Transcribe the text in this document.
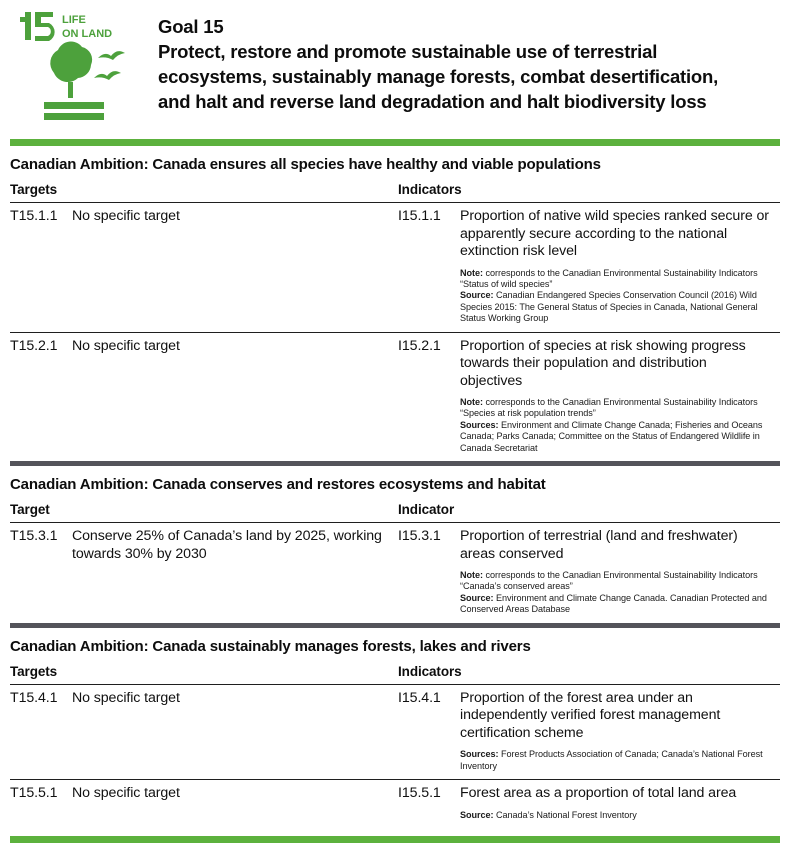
LIFE
ON LAND Goal 15
Protect, restore and promote sustainable use of terrestrial ecosystems, sustainably manage forests, combat desertification, and halt and reverse land degradation and halt biodiversity loss
Canadian Ambition: Canada ensures all species have healthy and viable populations
Targets		Indicators	
T15.1.1	No specific target	I15.1.1	Proportion of native wild species ranked secure or apparently secure according to the national extinction risk level
Note: corresponds to the Canadian Environmental Sustainability Indicators “Status of wild species”
Source: Canadian Endangered Species Conservation Council (2016) Wild Species 2015: The General Status of Species in Canada, National General Status Working Group

T15.2.1	No specific target	I15.2.1	Proportion of species at risk showing progress towards their population and distribution objectives
Note: corresponds to the Canadian Environmental Sustainability Indicators “Species at risk population trends”
Sources: Environment and Climate Change Canada; Fisheries and Oceans Canada; Parks Canada; Committee on the Status of Endangered Wildlife in Canada Secretariat
Canadian Ambition: Canada conserves and restores ecosystems and habitat
Target		Indicator	
T15.3.1	Conserve 25% of Canada’s land by 2025, working towards 30% by 2030	I15.3.1	Proportion of terrestrial (land and freshwater) areas conserved
Note: corresponds to the Canadian Environmental Sustainability Indicators “Canada’s conserved areas”
Source: Environment and Climate Change Canada. Canadian Protected and Conserved Areas Database
Canadian Ambition: Canada sustainably manages forests, lakes and rivers
Targets		Indicators	
T15.4.1	No specific target	I15.4.1	Proportion of the forest area under an independently verified forest management certification scheme
Sources: Forest Products Association of Canada; Canada’s National Forest Inventory

T15.5.1	No specific target	I15.5.1	Forest area as a proportion of total land area
Source: Canada’s National Forest Inventory
